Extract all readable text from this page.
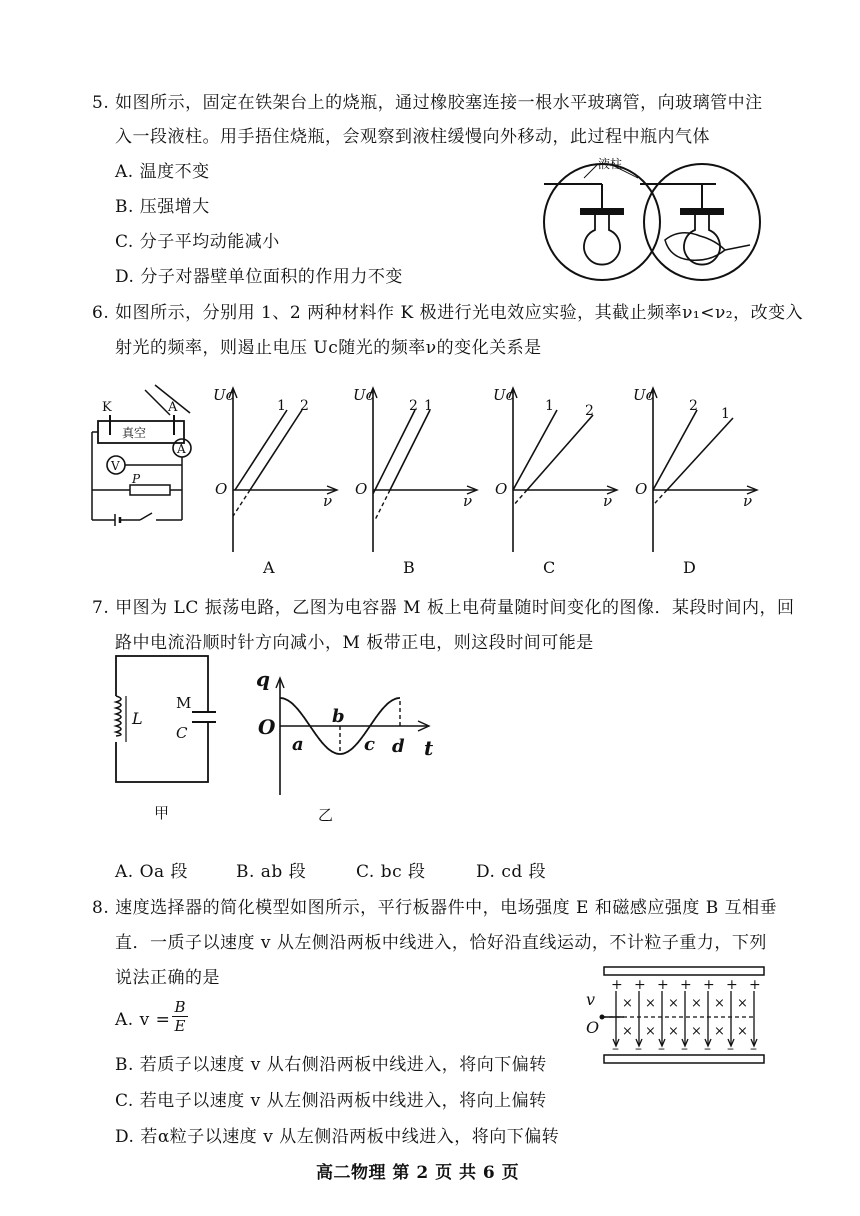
5. 如图所示，固定在铁架台上的烧瓶，通过橡胶塞连接一根水平玻璃管，向玻璃管中注
入一段液柱。用手捂住烧瓶，会观察到液柱缓慢向外移动，此过程中瓶内气体
A. 温度不变
B. 压强增大
C. 分子平均动能减小
D. 分子对器壁单位面积的作用力不变
液柱
6. 如图所示，分别用 1、2 两种材料作 K 极进行光电效应实验，其截止频率ν₁<ν₂，改变入
射光的频率，则遏止电压 Uc随光的频率ν的变化关系是
K	A
真空
A
V
P
Uc
ν
O
1 2
A
Uc
ν
O
1
2
B
Uc
ν
O
1 2
C
Uc
ν
O
1
2
D
7. 甲图为 LC 振荡电路，乙图为电容器 M 板上电荷量随时间变化的图像．某段时间内，回
路中电流沿顺时针方向减小，M 板带正电，则这段时间可能是
L
M
C
甲
q
O
t
a
b
c d
乙
A. Oa 段	B. ab 段	C. bc 段	D. cd 段
8. 速度选择器的简化模型如图所示，平行板器件中，电场强度 E 和磁感应强度 B 互相垂
直．一质子以速度 v 从左侧沿两板中线进入，恰好沿直线运动，不计粒子重力，下列
说法正确的是
A. $v = \frac{B}{E}$
B. 若质子以速度 v 从右侧沿两板中线进入，将向下偏转
C. 若电子以速度 v 从左侧沿两板中线进入，将向上偏转
D. 若α粒子以速度 v 从左侧沿两板中线进入，将向下偏转
+
–
×
×
+
–
×
×
+
–
×
×
+
–
×
×
+
–
×
×
+
–
×
×
+
–
v
O
高二物理 第 2 页 共 6 页
